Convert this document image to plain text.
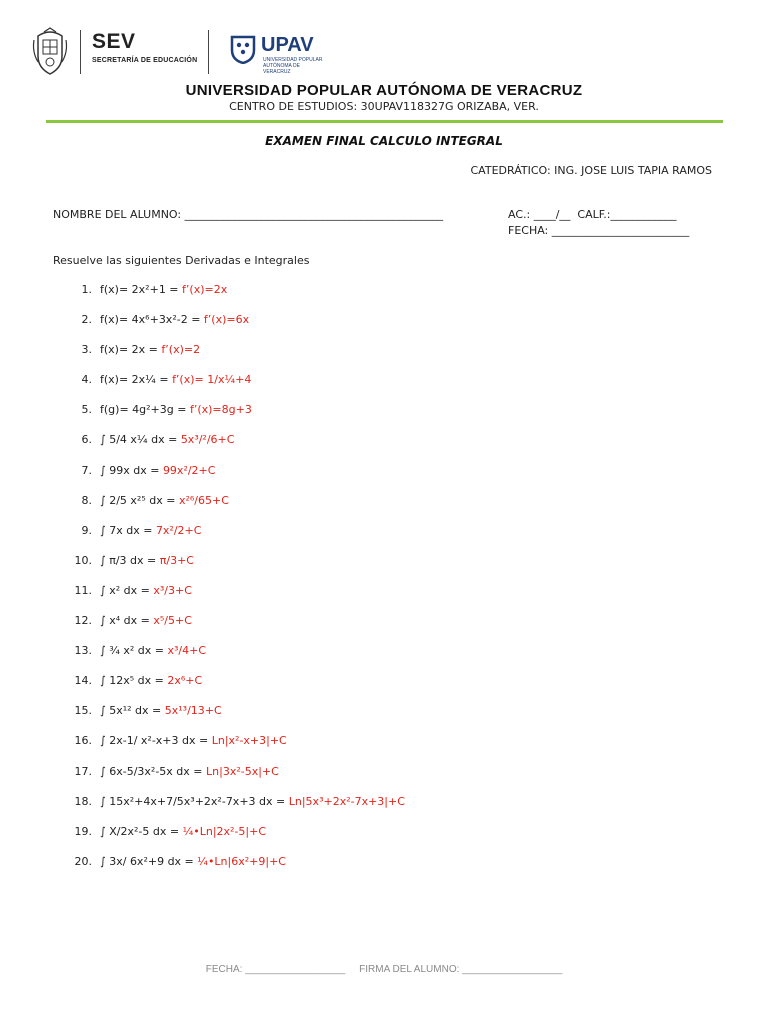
SEV
SECRETARÍA DE EDUCACIÓN
UPAV
UNIVERSIDAD POPULAR AUTÓNOMA DE VERACRUZ
UNIVERSIDAD POPULAR AUTÓNOMA DE VERACRUZ
CENTRO DE ESTUDIOS: 30UPAV118327G ORIZABA, VER.
EXAMEN FINAL CALCULO INTEGRAL
CATEDRÁTICO: ING. JOSE LUIS TAPIA RAMOS
NOMBRE DEL ALUMNO: _______________________________________________	AC.: ____/__  CALF.:____________
FECHA: _________________________
Resuelve las siguientes Derivadas e Integrales
1. f(x)= 2x²+1 = f’(x)=2x
2. f(x)= 4x⁶+3x²-2 = f’(x)=6x
3. f(x)= 2x = f’(x)=2
4. f(x)= 2x¼ = f’(x)= 1/x¼+4
5. f(g)= 4g²+3g = f’(x)=8g+3
6. ∫ 5/4 x¼ dx = 5x³/²/6+C
7. ∫ 99x dx = 99x²/2+C
8. ∫ 2/5 x²⁵ dx = x²⁶/65+C
9. ∫ 7x dx = 7x²/2+C
10. ∫ π/3 dx = π/3+C
11. ∫ x² dx = x³/3+C
12. ∫ x⁴ dx = x⁵/5+C
13. ∫ ¾ x² dx = x³/4+C
14. ∫ 12x⁵ dx = 2x⁶+C
15. ∫ 5x¹² dx = 5x¹³/13+C
16. ∫ 2x-1/ x²-x+3 dx = Ln|x²-x+3|+C
17. ∫ 6x-5/3x²-5x dx = Ln|3x²-5x|+C
18. ∫ 15x²+4x+7/5x³+2x²-7x+3 dx = Ln|5x³+2x²-7x+3|+C
19. ∫ X/2x²-5 dx = ¼•Ln|2x²-5|+C
20. ∫ 3x/ 6x²+9 dx = ¼•Ln|6x²+9|+C
FECHA: __________________     FIRMA DEL ALUMNO: __________________
